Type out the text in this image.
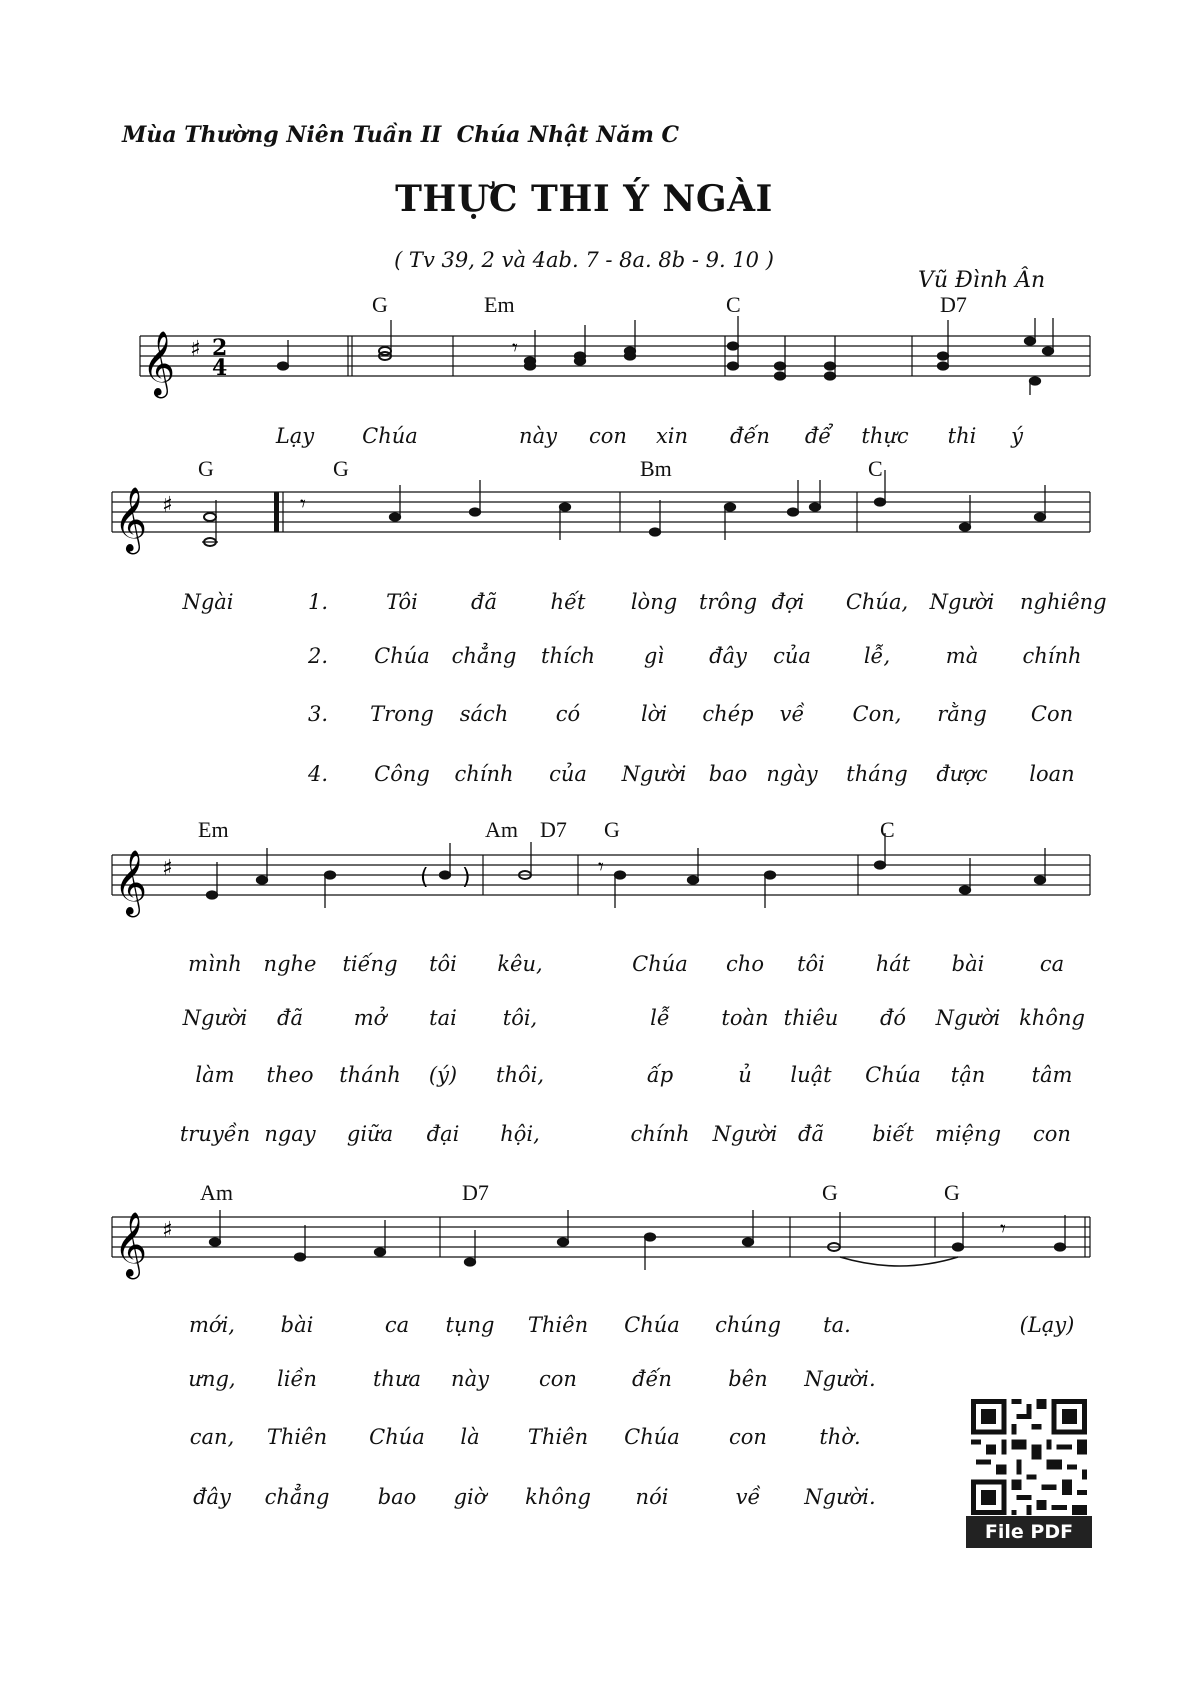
Mùa Thường Niên Tuần II  Chúa Nhật Năm C
THỰC THI Ý NGÀI
( Tv 39, 2 và 4ab. 7 - 8a. 8b - 9. 10 )
Vũ Đình Ân
𝄞 ♯ 2
4
𝄾
G	Em	C	D7
Lạy Chúa	này con xin đến để thực thi ý
𝄞 ♯	𝄾
G	G	Bm	C
Ngài	1.	Tôi	đã	hết lòng trông đợi Chúa, Người nghiêng
2. Chúa chẳng thích gì đây của	lễ,	mà chính
3. Trong sách có	lời chép về Con, rằng Con
4. Công chính của Người bao ngày tháng được loan
𝄞 ♯	( )	𝄾
Em	Am D7 G	C
mình nghe tiếng tôi kêu,	Chúa cho tôi hát bài	ca
Người đã mở tai tôi,	lễ toàn thiêu đó Người không
làm theo thánh (ý) thôi,	ấp	ủ luật Chúa tận tâm
truyền ngay giữa đại hội,	chính Người đã biết miệng con
𝄞 ♯	𝄾
Am	D7	G	G
mới, bài	ca tụng Thiên Chúa chúng ta.	(Lạy)
ưng, liền	thưa này con	đến	bên Người.
can, Thiên Chúa là Thiên Chúa con thờ.
đây chẳng bao giờ không nói	về Người.
File PDF
